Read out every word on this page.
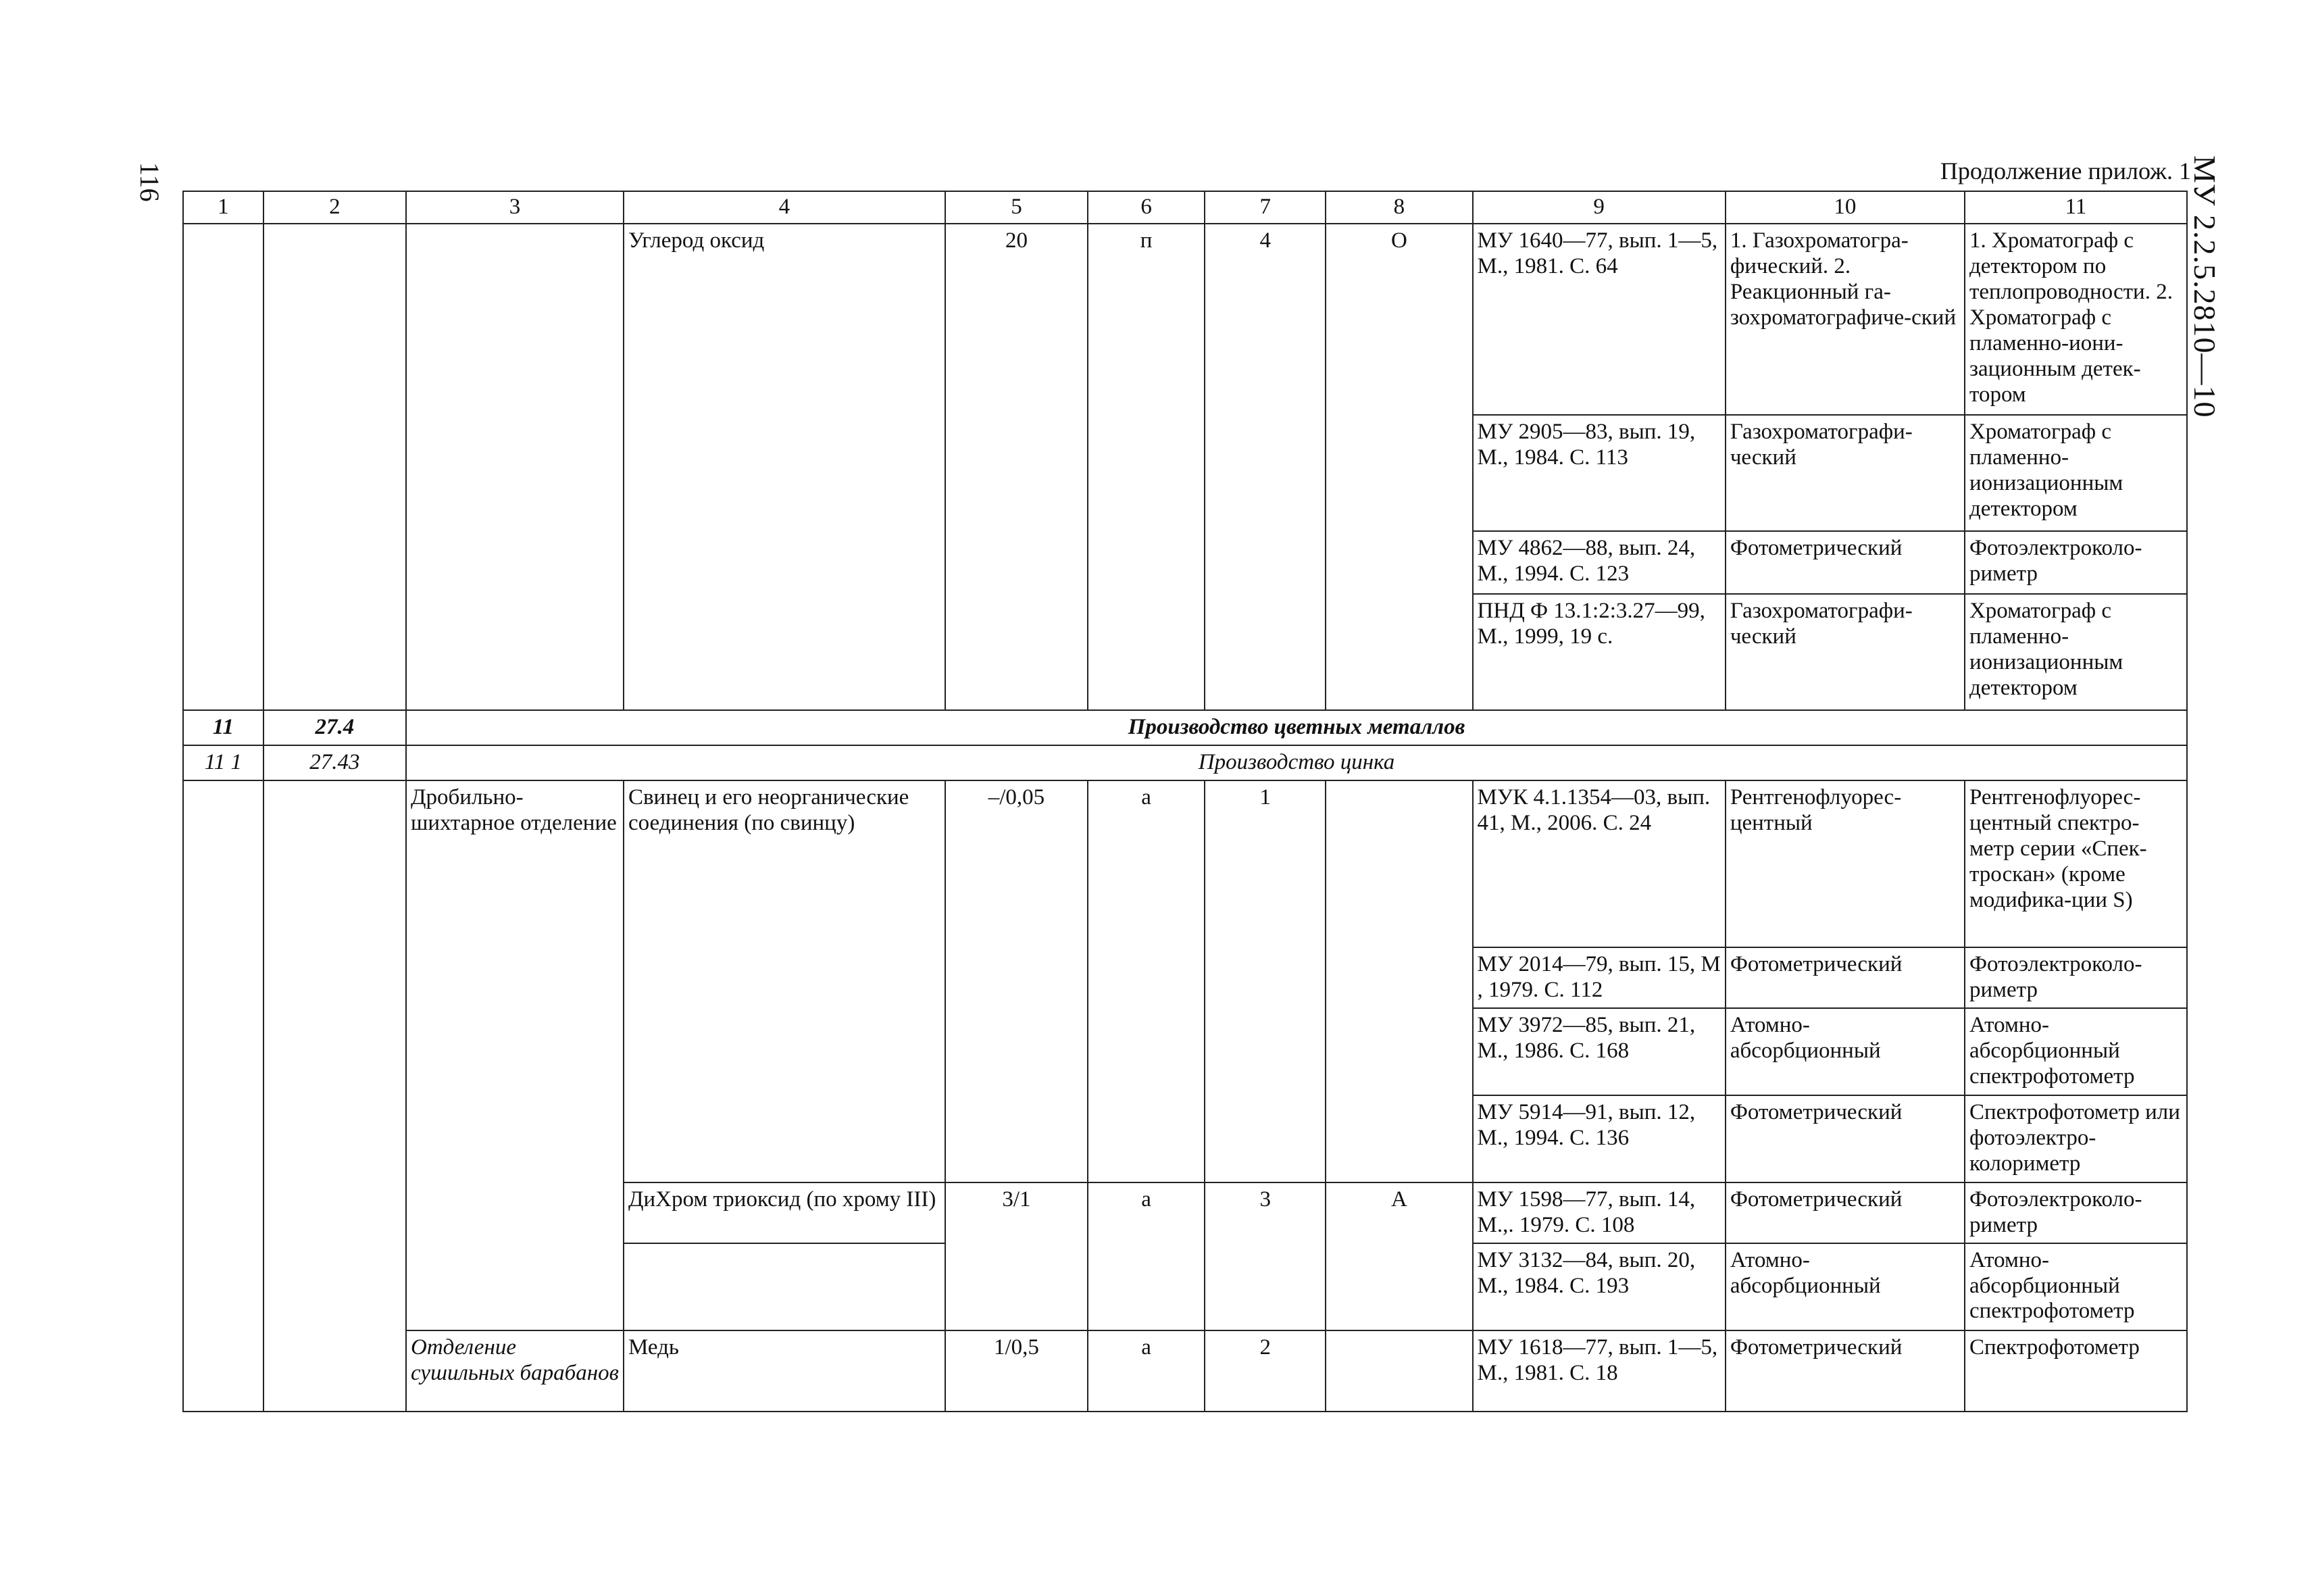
116	МУ 2.2.5.2810—10
Продолжение прилож. 1
1	2	3	4	5	6	7	8	9	10	11
			Углерод оксид	20	п	4	О	МУ 1640—77, вып. 1—5, М., 1981. С. 64	1. Газохроматогра-фический. 2. Реакционный га-зохроматографиче-ский	1. Хроматограф с детектором по теплопроводности. 2. Хроматограф с пламенно-иони-зационным детек-тором
								МУ 2905—83, вып. 19, М., 1984. С. 113	Газохроматографи-ческий	Хроматограф с пламенно-ионизационным детектором
								МУ 4862—88, вып. 24, М., 1994. С. 123	Фотометрический	Фотоэлектроколо-риметр
								ПНД Ф 13.1:2:3.27—99, М., 1999, 19 с.	Газохроматографи-ческий	Хроматограф с пламенно-ионизационным детектором
11	27.4	Производство цветных металлов								
11 1	27.43	Производство цинка								
		Дробильно-шихтарное отделение	Свинец и его неорганические соединения (по свинцу)	–/0,05	а	1		МУК 4.1.1354—03, вып. 41, М., 2006. С. 24	Рентгенофлуорес-центный	Рентгенофлуорес-центный спектро-метр серии «Спек-троскан» (кроме модифика-ции S)
								МУ 2014—79, вып. 15, М , 1979. С. 112	Фотометрический	Фотоэлектроколо-риметр
								МУ 3972—85, вып. 21, М., 1986. С. 168	Атомно-абсорбционный	Атомно-абсорбционный спектрофотометр
								МУ 5914—91, вып. 12, М., 1994. С. 136	Фотометрический	Спектрофотометр или фотоэлектро-колориметр
			ДиХром триоксид (по хрому III)	3/1	а	3	А	МУ 1598—77, вып. 14, М.,. 1979. С. 108	Фотометрический	Фотоэлектроколо-риметр
								МУ 3132—84, вып. 20, М., 1984. С. 193	Атомно-абсорбционный	Атомно-абсорбционный спектрофотометр
		Отделение сушильных барабанов	Медь	1/0,5	а	2		МУ 1618—77, вып. 1—5, М., 1981. С. 18	Фотометрический	Спектрофотометр
